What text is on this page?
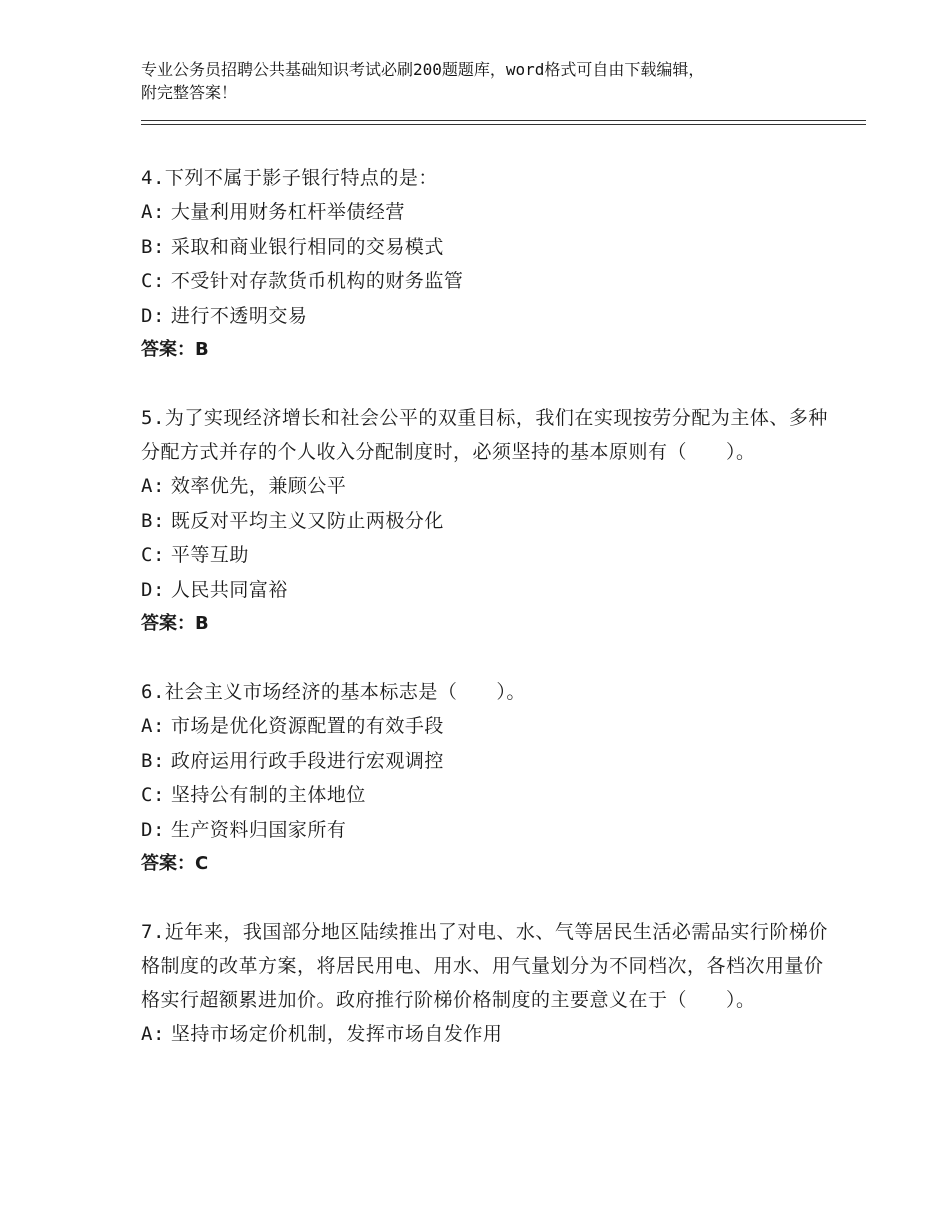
专业公务员招聘公共基础知识考试必刷200题题库，word格式可自由下载编辑，
附完整答案！

4.下列不属于影子银行特点的是：

A: 大量利用财务杠杆举债经营

B: 采取和商业银行相同的交易模式

C: 不受针对存款货币机构的财务监管

D: 进行不透明交易

答案：B

5.为了实现经济增长和社会公平的双重目标，我们在实现按劳分配为主体、多种分配方式并存的个人收入分配制度时，必须坚持的基本原则有（　　）。

A: 效率优先，兼顾公平

B: 既反对平均主义又防止两极分化

C: 平等互助

D: 人民共同富裕

答案：B

6.社会主义市场经济的基本标志是（　　）。

A: 市场是优化资源配置的有效手段

B: 政府运用行政手段进行宏观调控

C: 坚持公有制的主体地位

D: 生产资料归国家所有

答案：C

7.近年来，我国部分地区陆续推出了对电、水、气等居民生活必需品实行阶梯价格制度的改革方案，将居民用电、用水、用气量划分为不同档次，各档次用量价格实行超额累进加价。政府推行阶梯价格制度的主要意义在于（　　）。

A: 坚持市场定价机制，发挥市场自发作用
